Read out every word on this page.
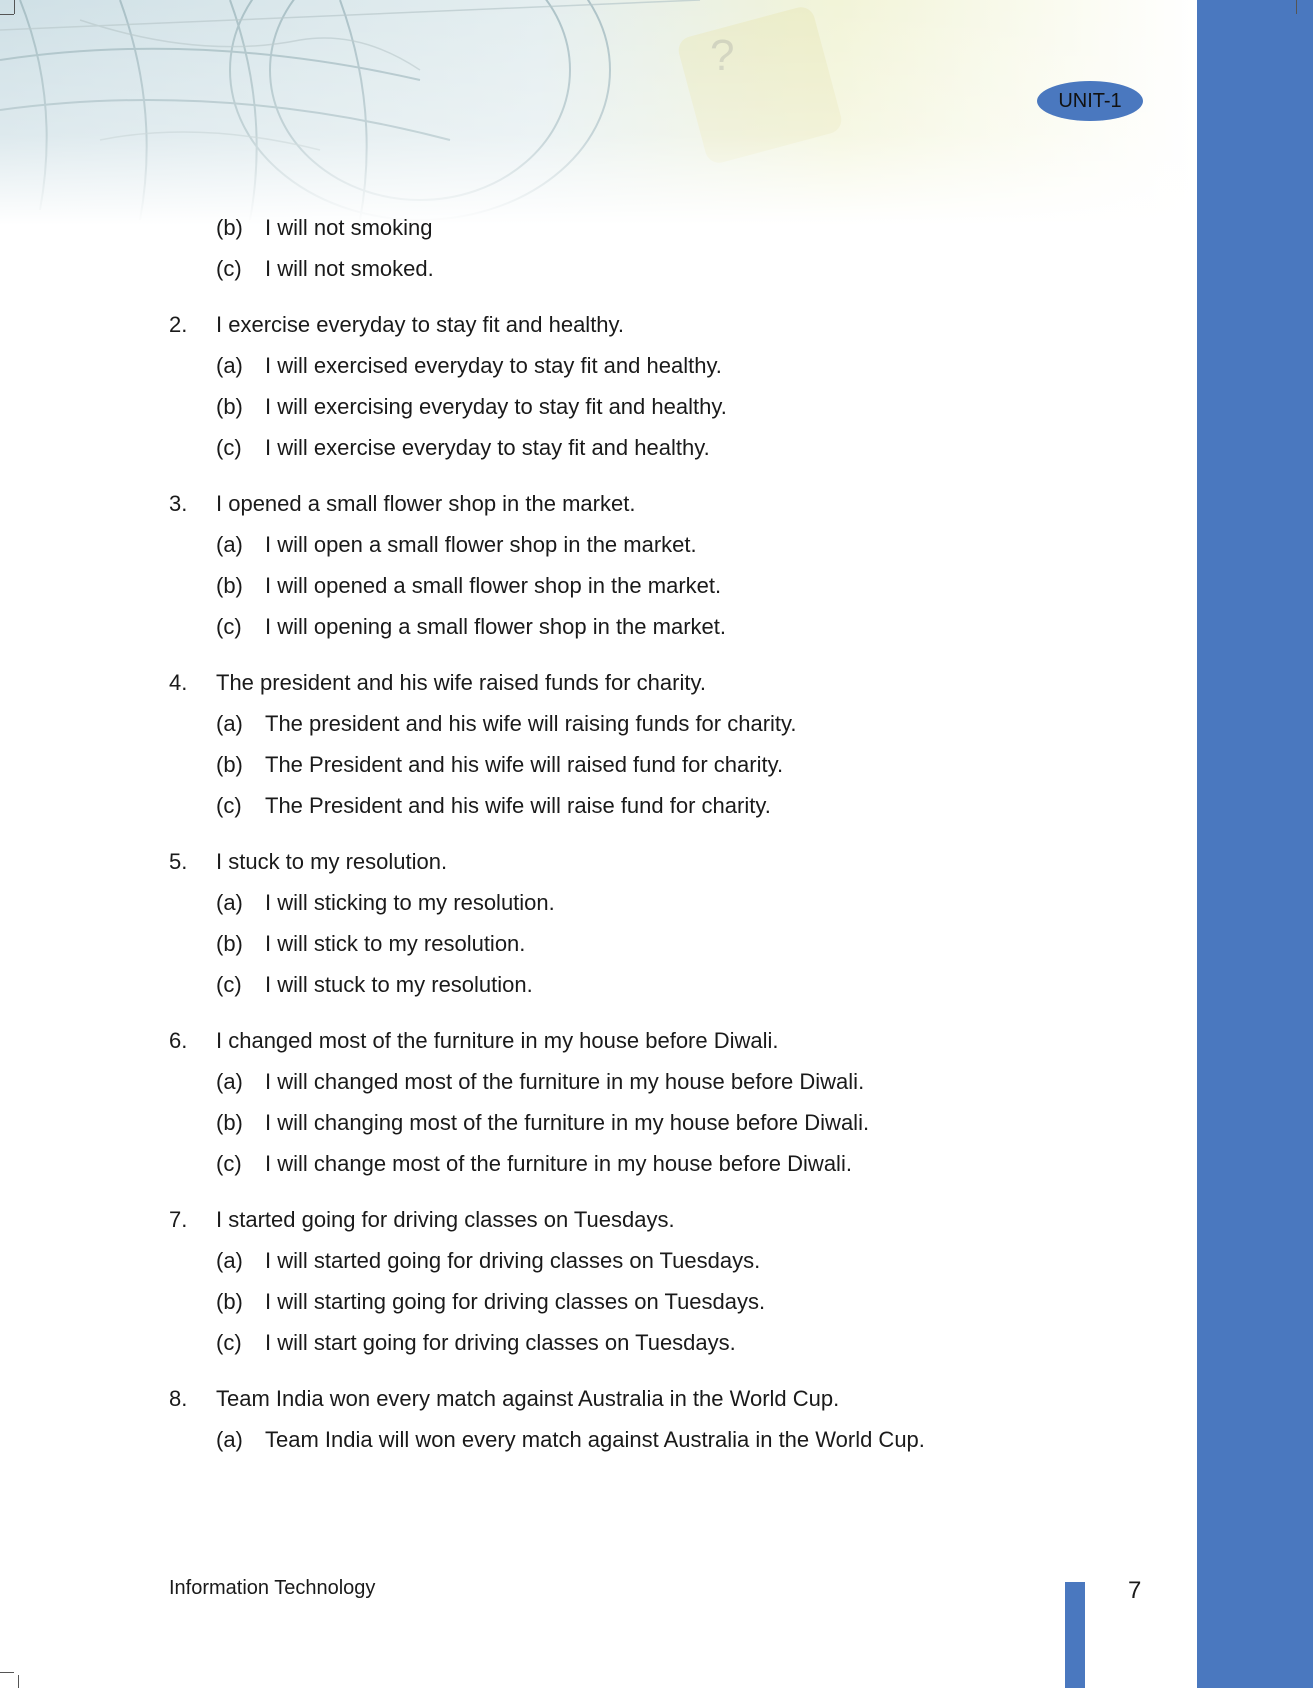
UNIT-1
(b)	I will not smoking
(c)	I will not smoked.
2.	I exercise everyday to stay fit and healthy.
(a)	I will exercised everyday to stay fit and healthy.
(b)	I will exercising everyday to stay fit and healthy.
(c)	I will exercise everyday to stay fit and healthy.
3.	I opened a small flower shop in the market.
(a)	I will open a small flower shop in the market.
(b)	I will opened a small flower shop in the market.
(c)	I will opening a small flower shop in the market.
4.	The president and his wife raised funds for charity.
(a)	The president and his wife will raising funds for charity.
(b)	The President and his wife will raised fund for charity.
(c)	The President and his wife will raise fund for charity.
5.	I stuck to my resolution.
(a)	I will sticking to my resolution.
(b)	I will stick to my resolution.
(c)	I will stuck to my resolution.
6.	I changed most of the furniture in my house before Diwali.
(a)	I will changed most of the furniture in my house before Diwali.
(b)	I will changing most of the furniture in my house before Diwali.
(c)	I will change most of the furniture in my house before Diwali.
7.	I started going for driving classes on Tuesdays.
(a)	I will started going for driving classes on Tuesdays.
(b)	I will starting going for driving classes on Tuesdays.
(c)	I will start going for driving classes on Tuesdays.
8.	Team India won every match against Australia in the World Cup.
(a)	Team India will won every match against Australia in the World Cup.
Information Technology	7
